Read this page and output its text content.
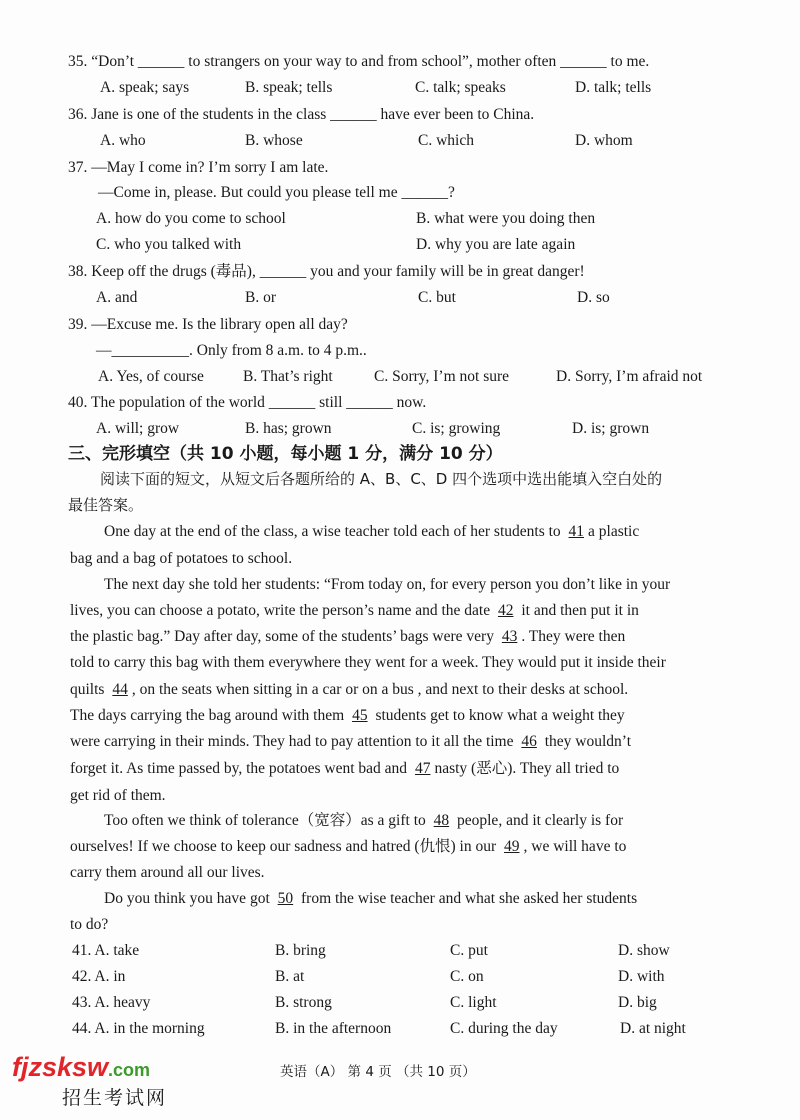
35. “Don’t ______ to strangers on your way to and from school”, mother often ______ to me.
A. speak; says	B. speak; tells	C. talk; speaks	D. talk; tells
36. Jane is one of the students in the class ______ have ever been to China.
A. who	B. whose	C. which	D. whom
37. —May I come in? I’m sorry I am late.
—Come in, please. But could you please tell me ______?
A. how do you come to school	B. what were you doing then
C. who you talked with	D. why you are late again
38. Keep off the drugs (毒品), ______ you and your family will be in great danger!
A. and	B. or	C. but	D. so
39. —Excuse me. Is the library open all day?
—__________. Only from 8 a.m. to 4 p.m..
A. Yes, of course	B. That’s right	C. Sorry, I’m not sure	D. Sorry, I’m afraid not
40. The population of the world ______ still ______ now.
A. will; grow	B. has; grown	C. is; growing	D. is; grown
三、完形填空（共 10 小题，每小题 1 分，满分 10 分）
阅读下面的短文，从短文后各题所给的 A、B、C、D 四个选项中选出能填入空白处的
最佳答案。
One day at the end of the class, a wise teacher told each of her students to 41 a plastic
bag and a bag of potatoes to school.
The next day she told her students: “From today on, for every person you don’t like in your
lives, you can choose a potato, write the person’s name and the date 42 it and then put it in
the plastic bag.” Day after day, some of the students’ bags were very 43 . They were then
told to carry this bag with them everywhere they went for a week. They would put it inside their
quilts 44 , on the seats when sitting in a car or on a bus , and next to their desks at school.
The days carrying the bag around with them 45 students get to know what a weight they
were carrying in their minds. They had to pay attention to it all the time 46 they wouldn’t
forget it. As time passed by, the potatoes went bad and 47 nasty (恶心). They all tried to
get rid of them.
Too often we think of tolerance（宽容）as a gift to 48 people, and it clearly is for
ourselves! If we choose to keep our sadness and hatred (仇恨) in our 49 , we will have to
carry them around all our lives.
Do you think you have got 50 from the wise teacher and what she asked her students
to do?
41. A. take	B. bring	C. put	D. show
42. A. in	B. at	C. on	D. with
43. A. heavy	B. strong	C. light	D. big
44. A. in the morning	B. in the afternoon	C. during the day	D. at night
fjzsksw.com
招生考试网
英语（A） 第 4 页 （共 10 页）
